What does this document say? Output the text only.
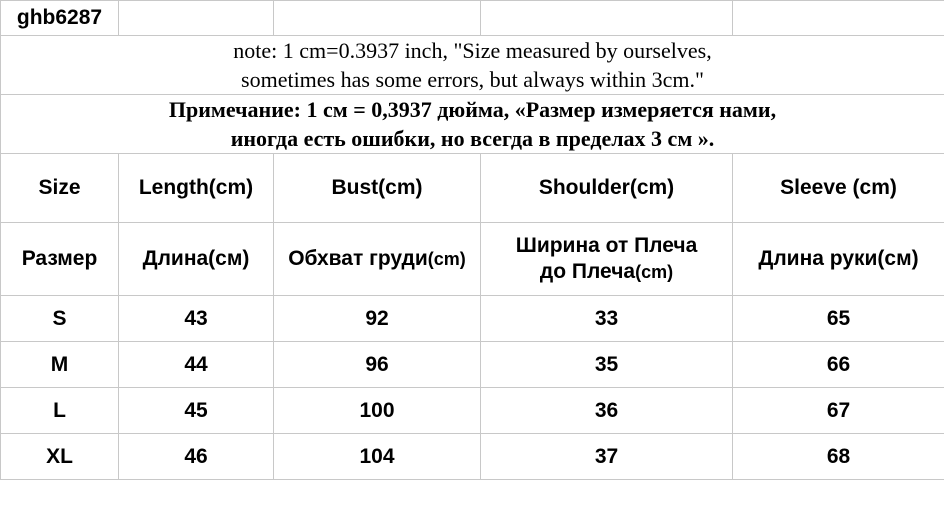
ghb6287				

note: 1 cm=0.3937 inch, "Size measured by ourselves,
sometimes has some errors, but always within 3cm."				

Примечание: 1 см = 0,3937 дюйма, «Размер измеряется нами,
иногда есть ошибки, но всегда в пределах 3 см ».				

Size	Length(cm)	Bust(cm)	Shoulder(cm)	Sleeve (cm)
Размер	Длина(см)	Обхват груди(cm)	Ширина от Плеча
до Плеча(cm)	Длина руки(см)
S	43	92	33	65
M	44	96	35	66
L	45	100	36	67
XL	46	104	37	68
